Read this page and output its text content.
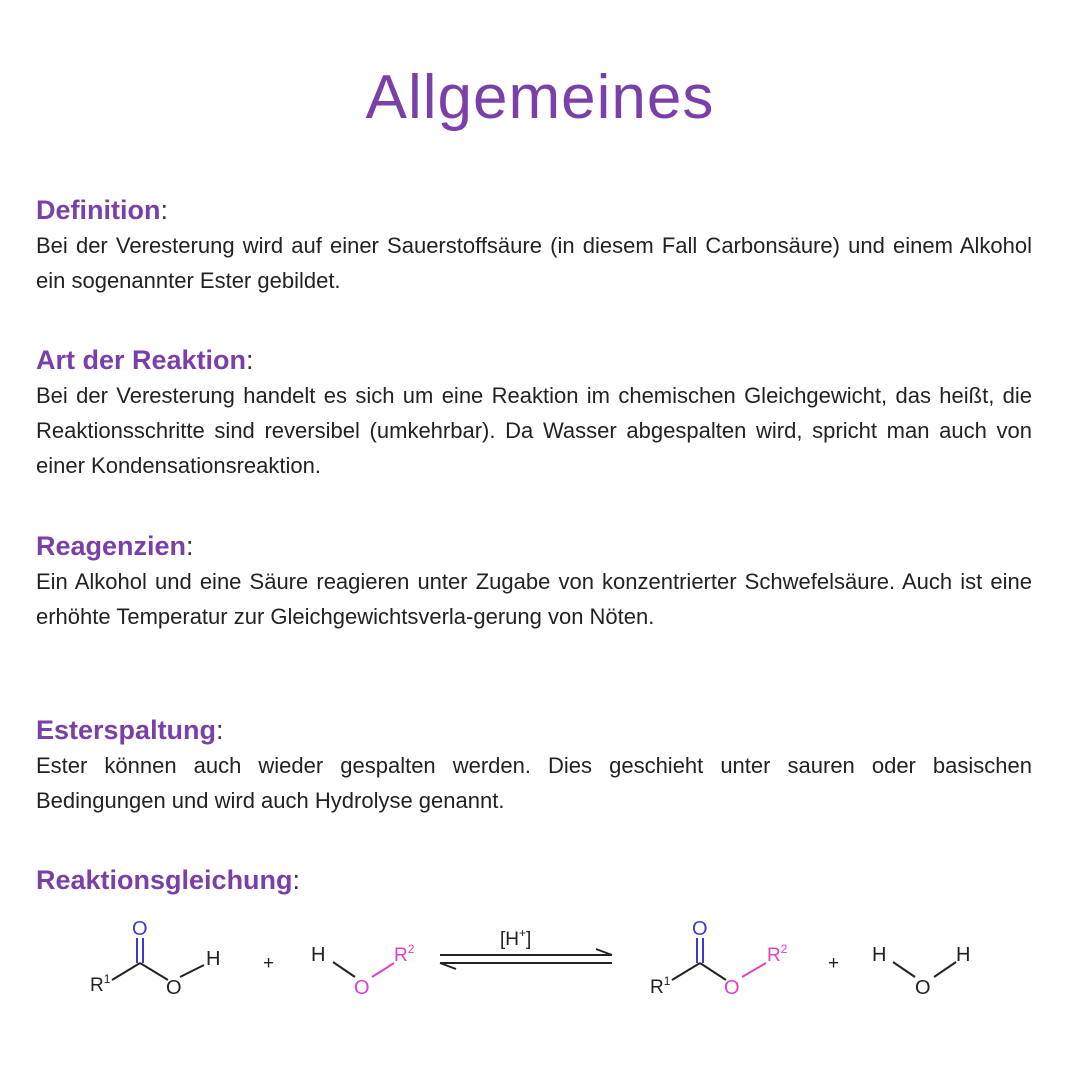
Allgemeines

Definition:

Bei der Veresterung wird auf einer Sauerstoffsäure (in diesem Fall Carbonsäure) und einem Alkohol ein sogenannter Ester gebildet.

Art der Reaktion:

Bei der Veresterung handelt es sich um eine Reaktion im chemischen Gleichgewicht, das heißt, die Reaktionsschritte sind reversibel (umkehrbar). Da Wasser abgespalten wird, spricht man auch von einer Kondensationsreaktion.

Reagenzien:

Ein Alkohol und eine Säure reagieren unter Zugabe von konzentrierter Schwefelsäure. Auch ist eine erhöhte Temperatur zur Gleichgewichtsverla-gerung von Nöten.

Esterspaltung:

Ester können auch wieder gespalten werden. Dies geschieht unter sauren oder basischen Bedingungen und wird auch Hydrolyse genannt.

Reaktionsgleichung:

$R^1$
O
O
H + H
O
$R^2$	[H+]
$R^1$
O
O
$R^2$
+ H
O
H
